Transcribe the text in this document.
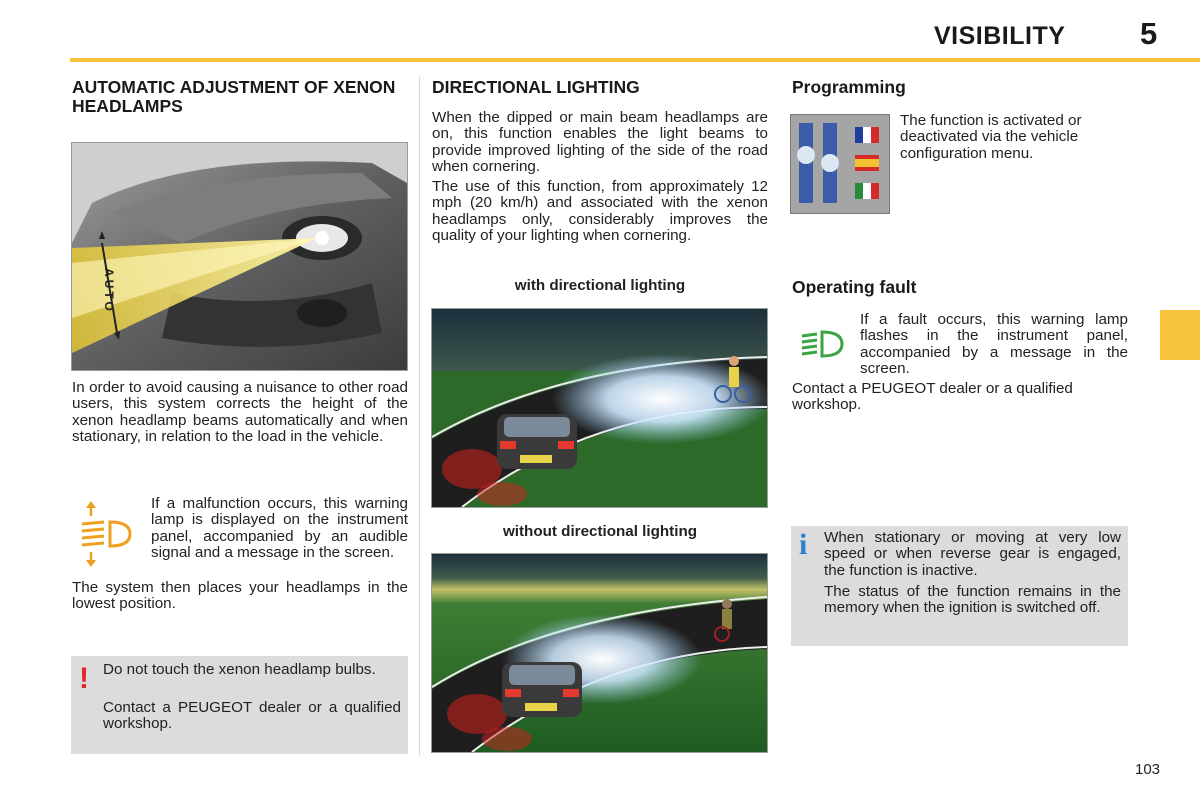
VISIBILITY 5
AUTOMATIC ADJUSTMENT OF XENON HEADLAMPS
AUTO

In order to avoid causing a nuisance to other road users, this system corrects the height of the xenon headlamp beams automatically and when stationary, in relation to the load in the vehicle.

If a malfunction occurs, this warning lamp is displayed on the instrument panel, accompanied by an audible signal and a message in the screen.

The system then places your headlamps in the lowest position.

! Do not touch the xenon headlamp bulbs.

Contact a PEUGEOT dealer or a qualified workshop.

DIRECTIONAL LIGHTING

When the dipped or main beam headlamps are on, this function enables the light beams to provide improved lighting of the side of the road when cornering.

The use of this function, from approximately 12 mph (20 km/h) and associated with the xenon headlamps only, considerably improves the quality of your lighting when cornering.

with directional lighting
without directional lighting
Programming

The function is activated or deactivated via the vehicle configuration menu.

Operating fault

If a fault occurs, this warning lamp flashes in the instrument panel, accompanied by a message in the screen.

Contact a PEUGEOT dealer or a qualified workshop.

i When stationary or moving at very low speed or when reverse gear is engaged, the function is inactive.

The status of the function remains in the memory when the ignition is switched off.

103
